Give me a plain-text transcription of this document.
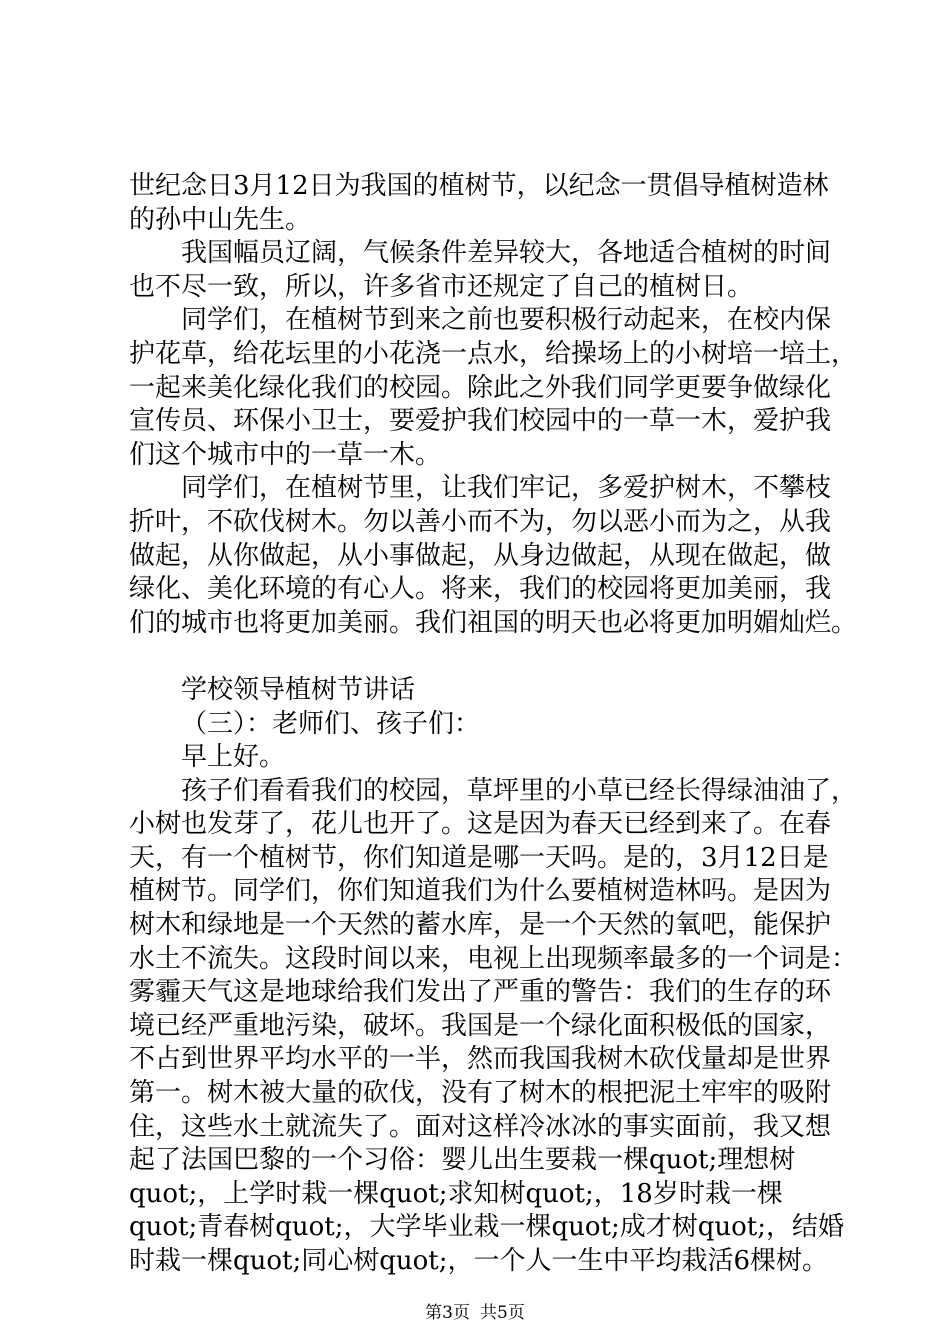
世纪念日3月12日为我国的植树节，以纪念一贯倡导植树造林
的孙中山先生。
我国幅员辽阔，气候条件差异较大，各地适合植树的时间
也不尽一致，所以，许多省市还规定了自己的植树日。
同学们，在植树节到来之前也要积极行动起来，在校内保
护花草，给花坛里的小花浇一点水，给操场上的小树培一培土，
一起来美化绿化我们的校园。除此之外我们同学更要争做绿化
宣传员、环保小卫士，要爱护我们校园中的一草一木，爱护我
们这个城市中的一草一木。
同学们，在植树节里，让我们牢记，多爱护树木，不攀枝
折叶，不砍伐树木。勿以善小而不为，勿以恶小而为之，从我
做起，从你做起，从小事做起，从身边做起，从现在做起，做
绿化、美化环境的有心人。将来，我们的校园将更加美丽，我
们的城市也将更加美丽。我们祖国的明天也必将更加明媚灿烂。
学校领导植树节讲话
（三）：老师们、孩子们：
早上好。
孩子们看看我们的校园，草坪里的小草已经长得绿油油了，
小树也发芽了，花儿也开了。这是因为春天已经到来了。在春
天，有一个植树节，你们知道是哪一天吗。是的，3月12日是
植树节。同学们，你们知道我们为什么要植树造林吗。是因为
树木和绿地是一个天然的蓄水库，是一个天然的氧吧，能保护
水土不流失。这段时间以来，电视上出现频率最多的一个词是：
雾霾天气这是地球给我们发出了严重的警告：我们的生存的环
境已经严重地污染，破坏。我国是一个绿化面积极低的国家，
不占到世界平均水平的一半，然而我国我树木砍伐量却是世界
第一。树木被大量的砍伐，没有了树木的根把泥土牢牢的吸附
住，这些水土就流失了。面对这样冷冰冰的事实面前，我又想
起了法国巴黎的一个习俗：婴儿出生要栽一棵quot;理想树
quot;，上学时栽一棵quot;求知树quot;，18岁时栽一棵
quot;青春树quot;，大学毕业栽一棵quot;成才树quot;，结婚
时栽一棵quot;同心树quot;，一个人一生中平均栽活6棵树。
第3页 共5页
